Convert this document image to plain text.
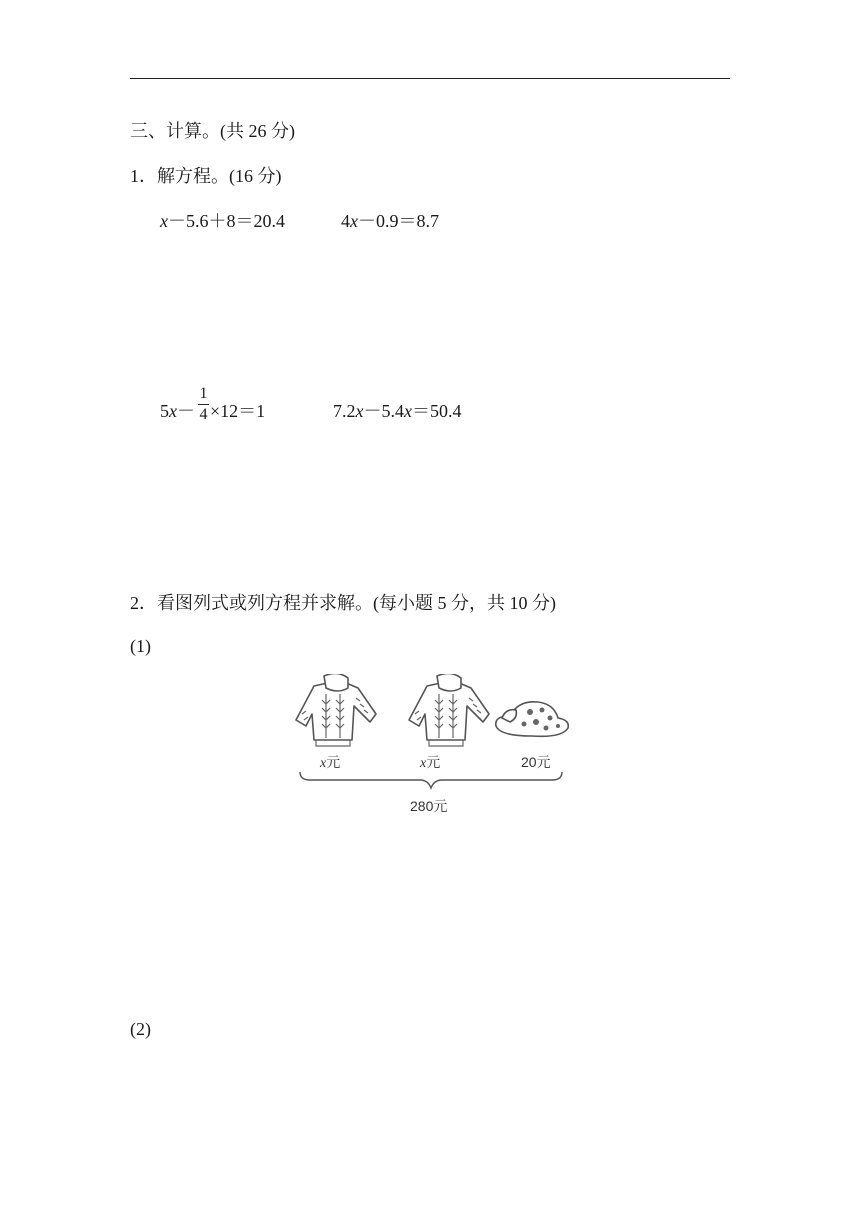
三、计算。(共 26 分)
1．解方程。(16 分)
x－5.6＋8＝20.4	4x－0.9＝8.7
5x－
1
4 ×12＝1	7.2x－5.4x＝50.4
2．看图列式或列方程并求解。(每小题 5 分，共 10 分)
(1)
x元	x元	20元
280元
(2)
